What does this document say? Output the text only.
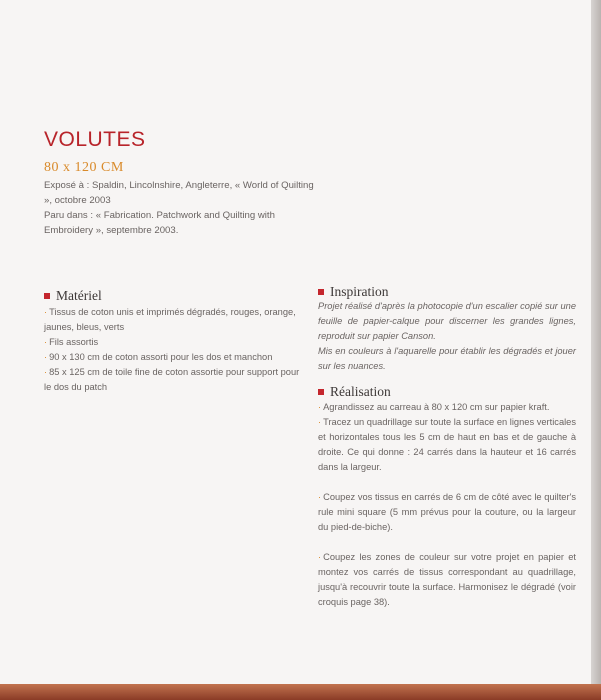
VOLUTES
80 x 120 CM

Exposé à : Spaldin, Lincolnshire, Angleterre, « World of Quilting », octobre 2003

Paru dans : « Fabrication. Patchwork and Quilting with Embroidery », septembre 2003.

Matériel
· Tissus de coton unis et imprimés dégradés, rouges, orange, jaunes, bleus, verts
· Fils assortis
· 90 x 130 cm de coton assorti pour les dos et manchon
· 85 x 125 cm de toile fine de coton assortie pour support pour le dos du patch
Inspiration
Projet réalisé d'après la photocopie d'un escalier copié sur une feuille de papier-calque pour discerner les grandes lignes, reproduit sur papier Canson.
Mis en couleurs à l'aquarelle pour établir les dégradés et jouer sur les nuances.
Réalisation
· Agrandissez au carreau à 80 x 120 cm sur papier kraft.
· Tracez un quadrillage sur toute la surface en lignes verticales et horizontales tous les 5 cm de haut en bas et de gauche à droite. Ce qui donne : 24 carrés dans la hauteur et 16 carrés dans la largeur.
· Coupez vos tissus en carrés de 6 cm de côté avec le quilter's rule mini square (5 mm prévus pour la couture, ou la largeur du pied-de-biche).
· Coupez les zones de couleur sur votre projet en papier et montez vos carrés de tissus correspondant au quadrillage, jusqu'à recouvrir toute la surface. Harmonisez le dégradé (voir croquis page 38).
